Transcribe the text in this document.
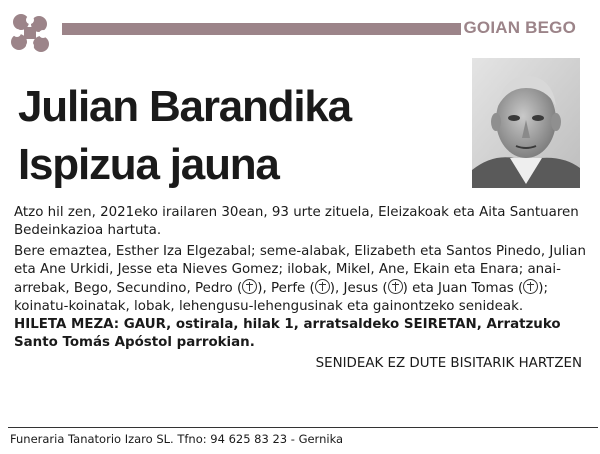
GOIAN BEGO
Julian Barandika
Ispizua jauna

Atzo hil zen, 2021eko irailaren 30ean, 93 urte zituela, Eleizakoak eta Aita Santuaren Bedeinkazioa hartuta.

Bere emaztea, Esther Iza Elgezabal; seme-alabak, Elizabeth eta Santos Pinedo, Julian eta Ane Urkidi, Jesse eta Nieves Gomez; ilobak, Mikel, Ane, Ekain eta Enara; anai-arrebak, Bego, Secundino, Pedro ( ), Perfe ( ), Jesus ( ) eta Juan Tomas ( ); koinatu-koinatak, lobak, lehengusu-lehengusinak eta gainontzeko senideak.

HILETA MEZA: GAUR, ostirala, hilak 1, arratsaldeko SEIRETAN, Arratzuko Santo Tomás Apóstol parrokian.

SENIDEAK EZ DUTE BISITARIK HARTZEN

Funeraria Tanatorio Izaro SL. Tfno: 94 625 83 23 - Gernika
